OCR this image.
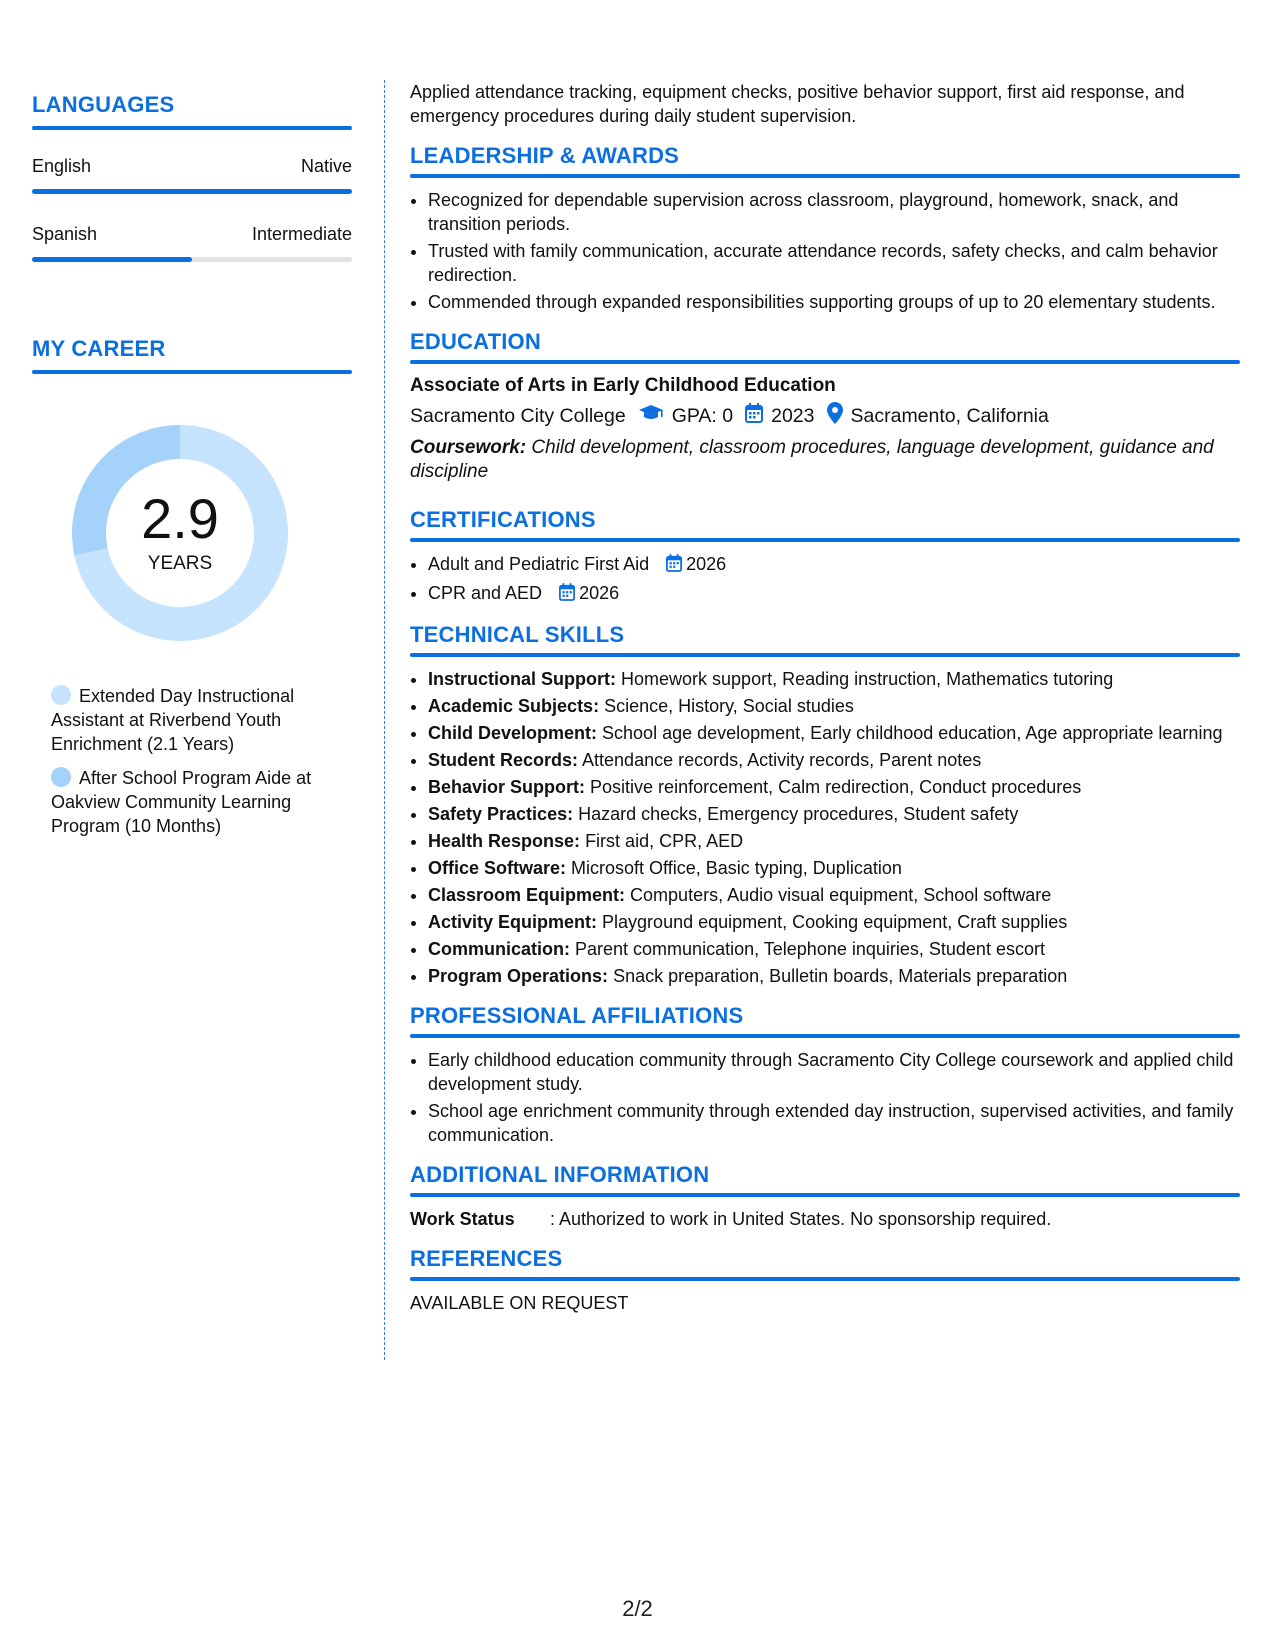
LANGUAGES
English	Native
Spanish	Intermediate
MY CAREER
2.9
YEARS
Extended Day Instructional Assistant at Riverbend Youth Enrichment (2.1 Years)
After School Program Aide at Oakview Community Learning Program (10 Months)
Applied attendance tracking, equipment checks, positive behavior support, first aid response, and emergency procedures during daily student supervision.
LEADERSHIP & AWARDS
• Recognized for dependable supervision across classroom, playground, homework, snack, and transition periods.
• Trusted with family communication, accurate attendance records, safety checks, and calm behavior redirection.
• Commended through expanded responsibilities supporting groups of up to 20 elementary students.
EDUCATION
Associate of Arts in Early Childhood Education
Sacramento City College GPA: 0 2023 Sacramento, California
Coursework: Child development, classroom procedures, language development, guidance and discipline
CERTIFICATIONS
• Adult and Pediatric First Aid 2026
• CPR and AED 2026
TECHNICAL SKILLS
• Instructional Support: Homework support, Reading instruction, Mathematics tutoring
• Academic Subjects: Science, History, Social studies
• Child Development: School age development, Early childhood education, Age appropriate learning
• Student Records: Attendance records, Activity records, Parent notes
• Behavior Support: Positive reinforcement, Calm redirection, Conduct procedures
• Safety Practices: Hazard checks, Emergency procedures, Student safety
• Health Response: First aid, CPR, AED
• Office Software: Microsoft Office, Basic typing, Duplication
• Classroom Equipment: Computers, Audio visual equipment, School software
• Activity Equipment: Playground equipment, Cooking equipment, Craft supplies
• Communication: Parent communication, Telephone inquiries, Student escort
• Program Operations: Snack preparation, Bulletin boards, Materials preparation
PROFESSIONAL AFFILIATIONS
• Early childhood education community through Sacramento City College coursework and applied child development study.
• School age enrichment community through extended day instruction, supervised activities, and family communication.
ADDITIONAL INFORMATION
Work Status	: Authorized to work in United States. No sponsorship required.
REFERENCES
AVAILABLE ON REQUEST
2/2
